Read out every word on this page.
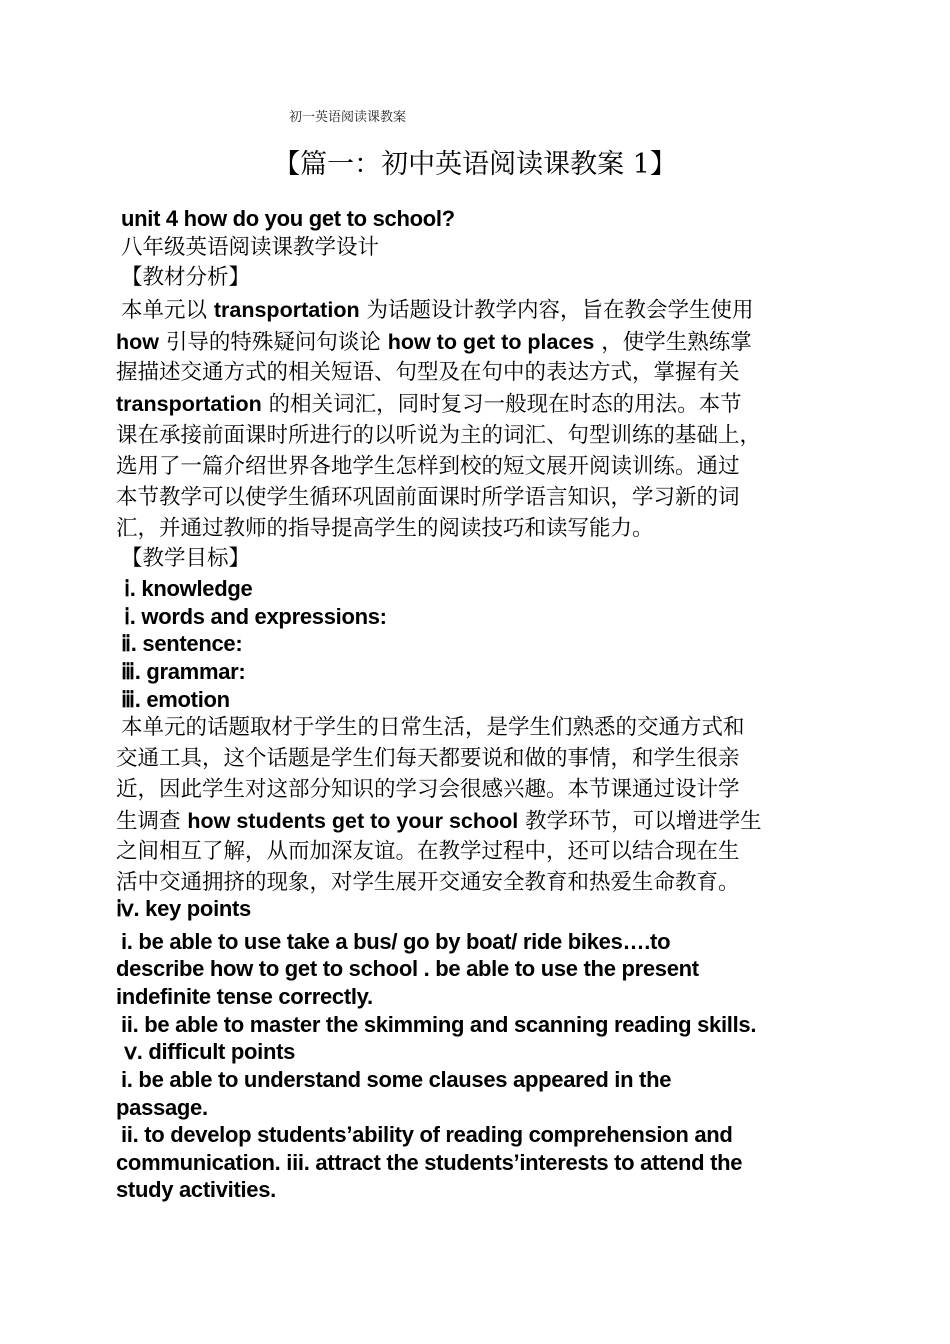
初一英语阅读课教案
【篇一：初中英语阅读课教案 1】
unit 4 how do you get to school?
八年级英语阅读课教学设计
【教材分析】
本单元以 transportation 为话题设计教学内容，旨在教会学生使用
how 引导的特殊疑问句谈论 how to get to places ，使学生熟练掌
握描述交通方式的相关短语、句型及在句中的表达方式，掌握有关
transportation 的相关词汇，同时复习一般现在时态的用法。本节
课在承接前面课时所进行的以听说为主的词汇、句型训练的基础上，
选用了一篇介绍世界各地学生怎样到校的短文展开阅读训练。通过
本节教学可以使学生循环巩固前面课时所学语言知识，学习新的词
汇，并通过教师的指导提高学生的阅读技巧和读写能力。
【教学目标】
ⅰ. knowledge
ⅰ. words and expressions:
ⅱ. sentence:
ⅲ. grammar:
ⅲ. emotion
本单元的话题取材于学生的日常生活，是学生们熟悉的交通方式和
交通工具，这个话题是学生们每天都要说和做的事情，和学生很亲
近，因此学生对这部分知识的学习会很感兴趣。本节课通过设计学
生调查 how students get to your school 教学环节，可以增进学生
之间相互了解，从而加深友谊。在教学过程中，还可以结合现在生
活中交通拥挤的现象，对学生展开交通安全教育和热爱生命教育。
ⅳ. key points
i. be able to use take a bus/ go by boat/ ride bikes….to
describe how to get to school . be able to use the present
indefinite tense correctly.
ii. be able to master the skimming and scanning reading skills.
ⅴ. difficult points
i. be able to understand some clauses appeared in the
passage.
ii. to develop students’ability of reading comprehension and
communication. iii. attract the students’interests to attend the
study activities.
